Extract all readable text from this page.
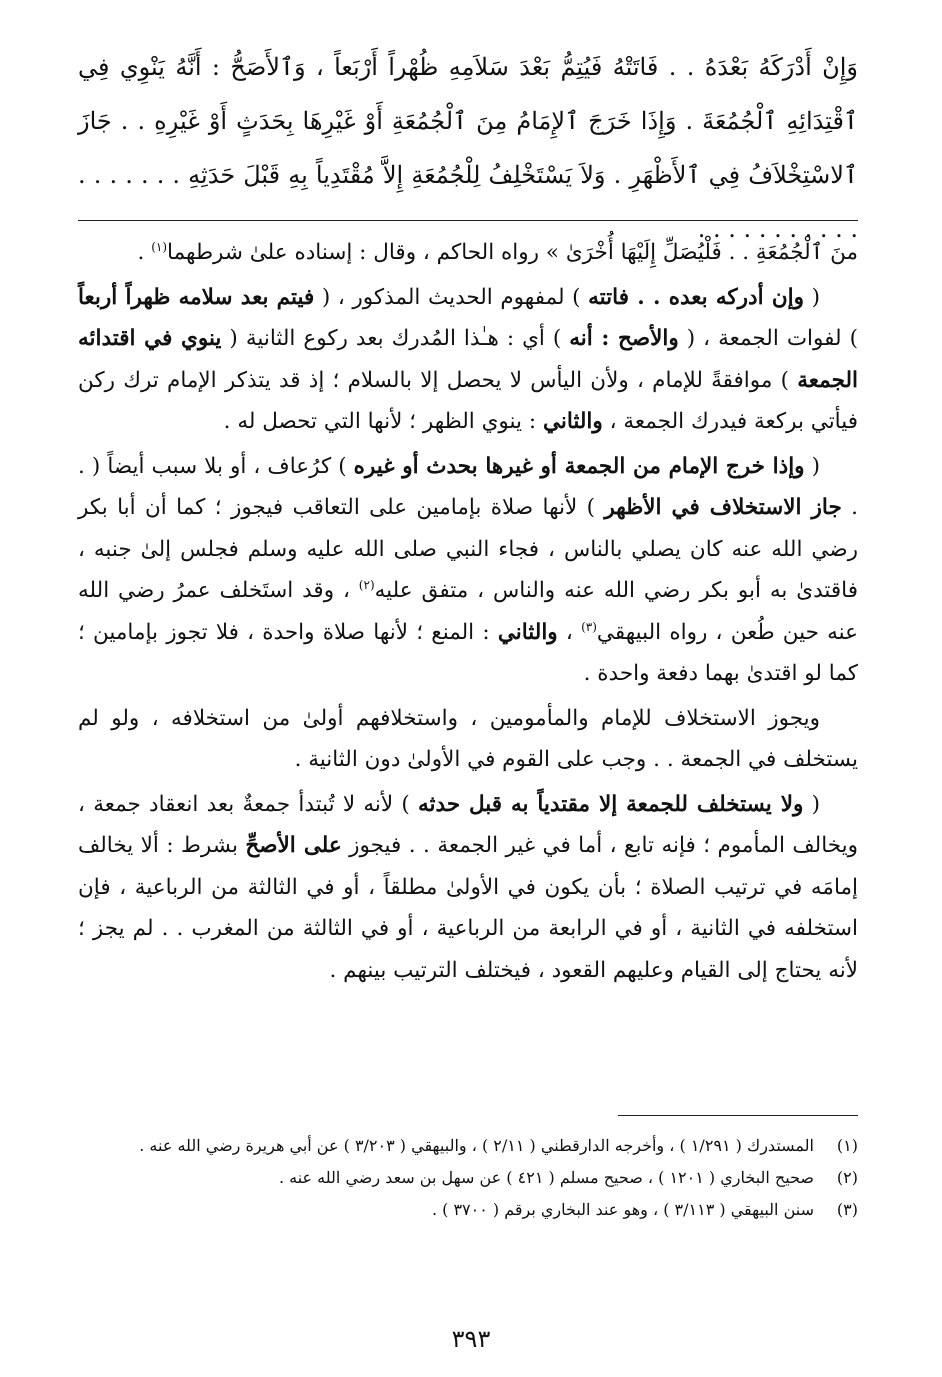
وَإِنْ أَدْرَكَهُ بَعْدَهُ . . فَاتَتْهُ فَيُتِمُّ بَعْدَ سَلاَمِهِ ظُهْراً أَرْبَعاً ، وَٱلأَصَحُّ : أَنَّهُ يَنْوِي فِي ٱقْتِدَائِهِ ٱلْجُمُعَةَ . وَإِذَا خَرَجَ ٱلإِمَامُ مِنَ ٱلْجُمُعَةِ أَوْ غَيْرِهَا بِحَدَثٍ أَوْ غَيْرِهِ . . جَازَ ٱلاسْتِخْلاَفُ فِي ٱلأَظْهَرِ . وَلاَ يَسْتَخْلِفُ لِلْجُمُعَةِ إِلاَّ مُقْتَدِياً بِهِ قَبْلَ حَدَثِهِ . . . . . . . . . . . . . . . . . .

منَ ٱلْجُمُعَةِ . . فَلْيُصَلِّ إِلَيْهَا أُخْرَىٰ » رواه الحاكم ، وقال : إسناده علىٰ شرطهما$^{(١)}$ .

( وإن أدركه بعده . . فاتته ) لمفهوم الحديث المذكور ، ( فيتم بعد سلامه ظهراً أربعاً ) لفوات الجمعة ، ( والأصح : أنه ) أي : هـٰذا المُدرك بعد ركوع الثانية ( ينوي في اقتدائه الجمعة ) موافقةً للإمام ، ولأن اليأس لا يحصل إلا بالسلام ؛ إذ قد يتذكر الإمام ترك ركن فيأتي بركعة فيدرك الجمعة ، والثاني : ينوي الظهر ؛ لأنها التي تحصل له .

( وإذا خرج الإمام من الجمعة أو غيرها بحدث أو غيره ) كرُعاف ، أو بلا سبب أيضاً ( . . جاز الاستخلاف في الأظهر ) لأنها صلاة بإمامين على التعاقب فيجوز ؛ كما أن أبا بكر رضي الله عنه كان يصلي بالناس ، فجاء النبي صلى الله عليه وسلم فجلس إلىٰ جنبه ، فاقتدىٰ به أبو بكر رضي الله عنه والناس ، متفق عليه$^{(٢)}$ ، وقد استَخلف عمرُ رضي الله عنه حين طُعن ، رواه البيهقي$^{(٣)}$ ، والثاني : المنع ؛ لأنها صلاة واحدة ، فلا تجوز بإمامين ؛ كما لو اقتدىٰ بهما دفعة واحدة .

ويجوز الاستخلاف للإمام والمأمومين ، واستخلافهم أولىٰ من استخلافه ، ولو لم يستخلف في الجمعة . . وجب على القوم في الأولىٰ دون الثانية .

( ولا يستخلف للجمعة إلا مقتدياً به قبل حدثه ) لأنه لا تُبتدأ جمعةٌ بعد انعقاد جمعة ، ويخالف المأموم ؛ فإنه تابع ، أما في غير الجمعة . . فيجوز على الأصحِّ بشرط : ألا يخالف إمامَه في ترتيب الصلاة ؛ بأن يكون في الأولىٰ مطلقاً ، أو في الثالثة من الرباعية ، فإن استخلفه في الثانية ، أو في الرابعة من الرباعية ، أو في الثالثة من المغرب . . لم يجز ؛ لأنه يحتاج إلى القيام وعليهم القعود ، فيختلف الترتيب بينهم .

(١)
المستدرك ( ١/٢٩١ ) ، وأخرجه الدارقطني ( ٢/١١ ) ، والبيهقي ( ٣/٢٠٣ ) عن أبي هريرة رضي الله عنه .
(٢)
صحيح البخاري ( ١٢٠١ ) ، صحيح مسلم ( ٤٢١ ) عن سهل بن سعد رضي الله عنه .
(٣)
سنن البيهقي ( ٣/١١٣ ) ، وهو عند البخاري برقم ( ٣٧٠٠ ) .
٣٩٣
